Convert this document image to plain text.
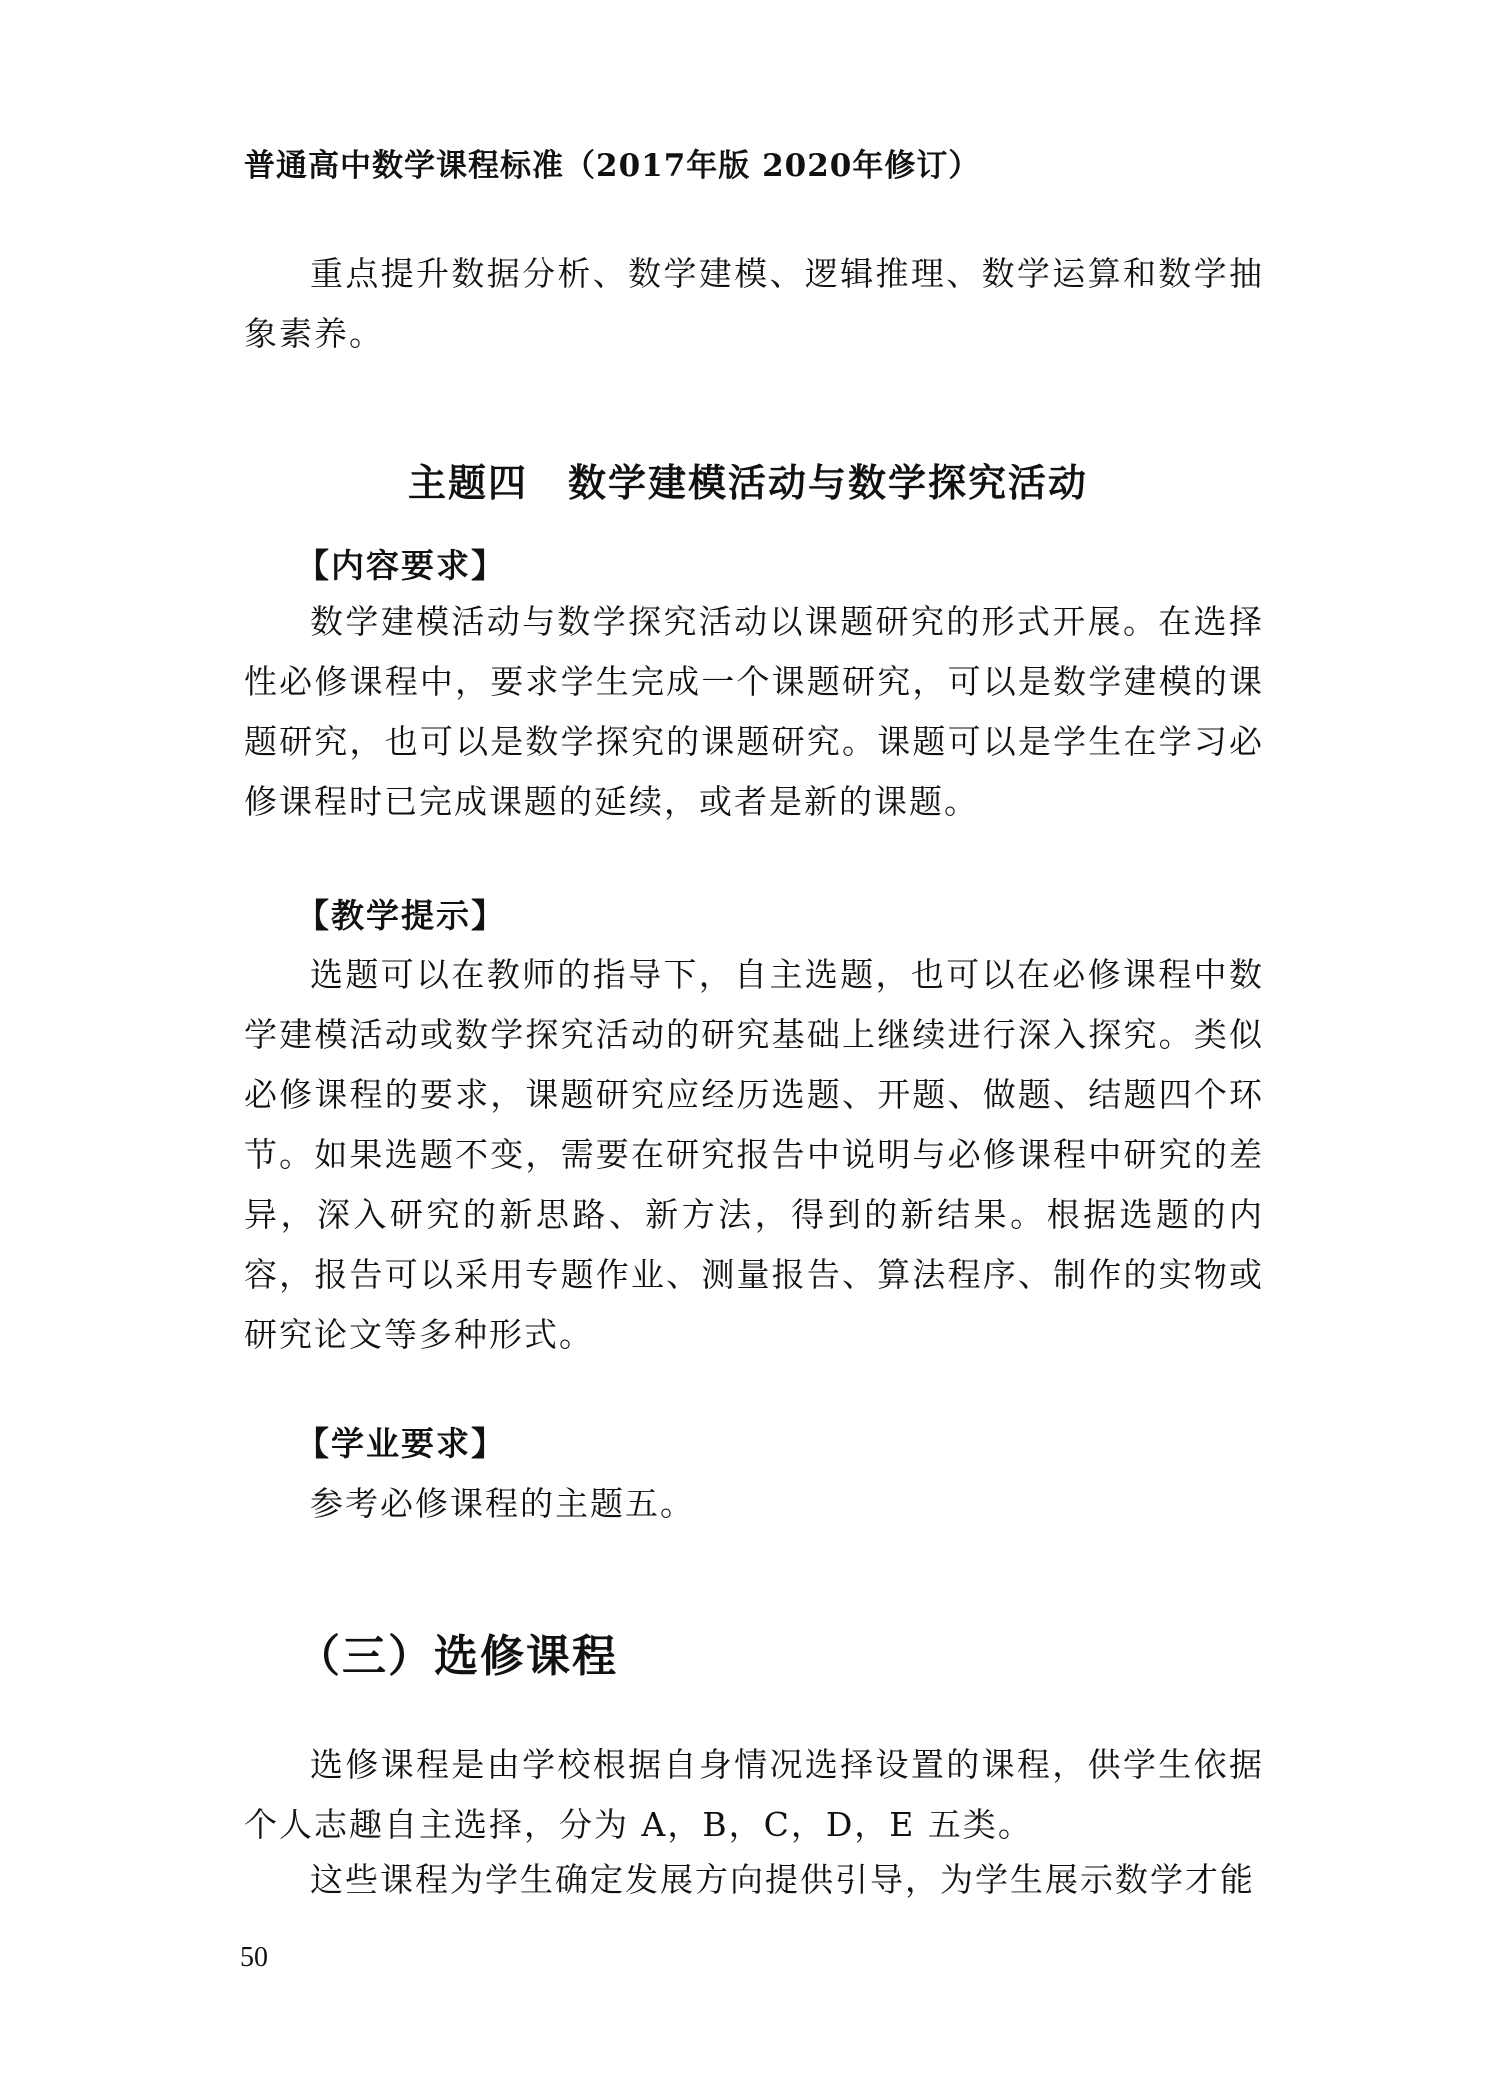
普通高中数学课程标准（2017年版 2020年修订）

重点提升数据分析、数学建模、逻辑推理、数学运算和数学抽象素养。

主题四　数学建模活动与数学探究活动
【内容要求】

数学建模活动与数学探究活动以课题研究的形式开展。在选择性必修课程中，要求学生完成一个课题研究，可以是数学建模的课题研究，也可以是数学探究的课题研究。课题可以是学生在学习必修课程时已完成课题的延续，或者是新的课题。

【教学提示】

选题可以在教师的指导下，自主选题，也可以在必修课程中数学建模活动或数学探究活动的研究基础上继续进行深入探究。类似必修课程的要求，课题研究应经历选题、开题、做题、结题四个环节。如果选题不变，需要在研究报告中说明与必修课程中研究的差异，深入研究的新思路、新方法，得到的新结果。根据选题的内容，报告可以采用专题作业、测量报告、算法程序、制作的实物或研究论文等多种形式。

【学业要求】

参考必修课程的主题五。

（三）选修课程

选修课程是由学校根据自身情况选择设置的课程，供学生依据个人志趣自主选择，分为 A，B，C，D，E 五类。

这些课程为学生确定发展方向提供引导，为学生展示数学才能

50
